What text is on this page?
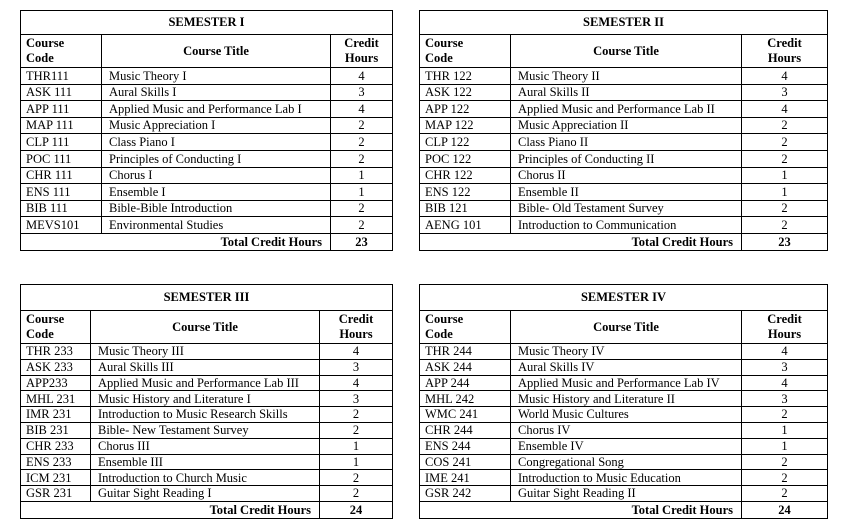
SEMESTER I		
Course
Code	Course Title	Credit
Hours
THR111	Music Theory I	4
ASK 111	Aural Skills I	3
APP 111	Applied Music and Performance Lab I	4
MAP 111	Music Appreciation I	2
CLP 111	Class Piano I	2
POC 111	Principles of Conducting I	2
CHR 111	Chorus I	1
ENS 111	Ensemble I	1
BIB 111	Bible-Bible Introduction	2
MEVS101	Environmental Studies	2
Total Credit Hours		23
SEMESTER II		
Course
Code	Course Title	Credit
Hours
THR 122	Music Theory II	4
ASK 122	Aural Skills II	3
APP 122	Applied Music and Performance Lab II	4
MAP 122	Music Appreciation II	2
CLP 122	Class Piano II	2
POC 122	Principles of Conducting II	2
CHR 122	Chorus II	1
ENS 122	Ensemble II	1
BIB 121	Bible- Old Testament Survey	2
AENG 101	Introduction to Communication	2
Total Credit Hours		23
SEMESTER III		
Course
Code	Course Title	Credit
Hours
THR 233	Music Theory III	4
ASK 233	Aural Skills III	3
APP233	Applied Music and Performance Lab III	4
MHL 231	Music History and Literature I	3
IMR 231	Introduction to Music Research Skills	2
BIB 231	Bible- New Testament Survey	2
CHR 233	Chorus III	1
ENS 233	Ensemble III	1
ICM 231	Introduction to Church Music	2
GSR 231	Guitar Sight Reading I	2
Total Credit Hours		24
SEMESTER IV		
Course
Code	Course Title	Credit
Hours
THR 244	Music Theory IV	4
ASK 244	Aural Skills IV	3
APP 244	Applied Music and Performance Lab IV	4
MHL 242	Music History and Literature II	3
WMC 241	World Music Cultures	2
CHR 244	Chorus IV	1
ENS 244	Ensemble IV	1
COS 241	Congregational Song	2
IME 241	Introduction to Music Education	2
GSR 242	Guitar Sight Reading II	2
Total Credit Hours		24
